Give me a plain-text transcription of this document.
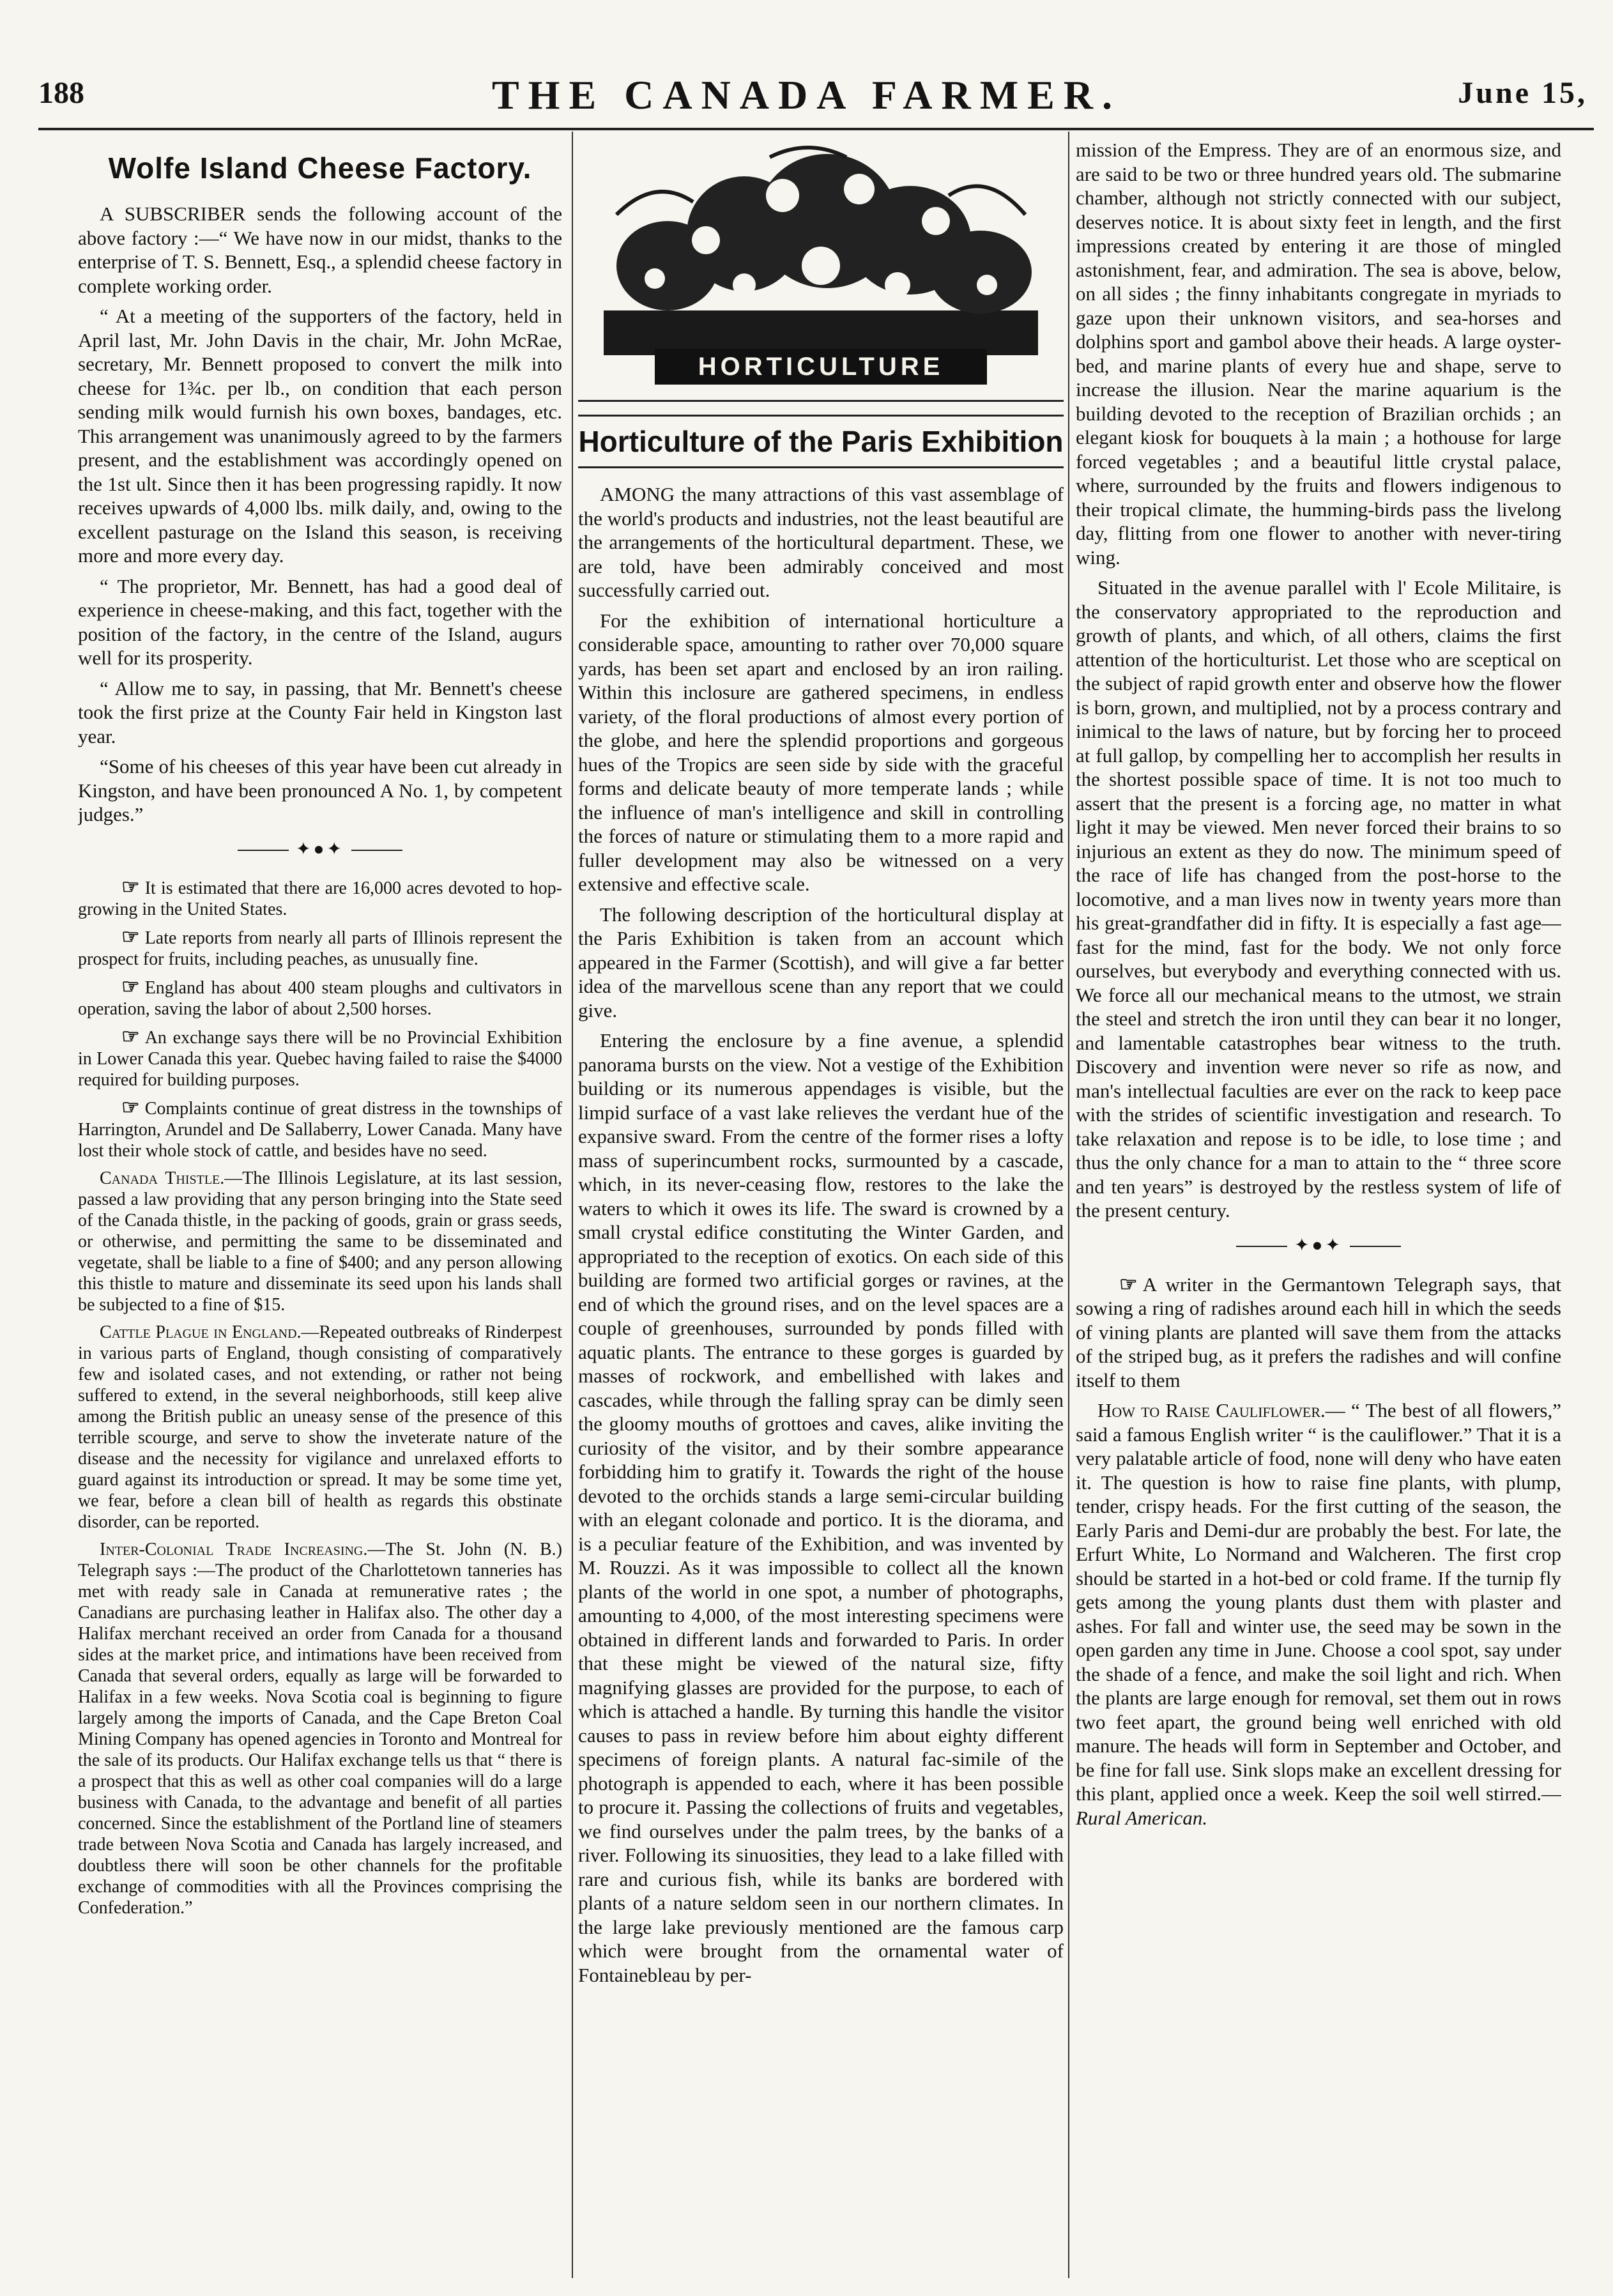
188	THE CANADA FARMER.	June 15,
Wolfe Island Cheese Factory.

A SUBSCRIBER sends the following account of the above factory :—“ We have now in our midst, thanks to the enterprise of T. S. Bennett, Esq., a splendid cheese factory in complete working order.

“ At a meeting of the supporters of the factory, held in April last, Mr. John Davis in the chair, Mr. John McRae, secretary, Mr. Bennett proposed to convert the milk into cheese for 1¾c. per lb., on condition that each person sending milk would furnish his own boxes, bandages, etc. This arrangement was unanimously agreed to by the farmers present, and the establishment was accordingly opened on the 1st ult. Since then it has been progressing rapidly. It now receives upwards of 4,000 lbs. milk daily, and, owing to the excellent pasturage on the Island this season, is receiving more and more every day.

“ The proprietor, Mr. Bennett, has had a good deal of experience in cheese-making, and this fact, together with the position of the factory, in the centre of the Island, augurs well for its prosperity.

“ Allow me to say, in passing, that Mr. Bennett's cheese took the first prize at the County Fair held in Kingston last year.

“Some of his cheeses of this year have been cut already in Kingston, and have been pronounced A No. 1, by competent judges.”

✦●✦

☞ It is estimated that there are 16,000 acres devoted to hop-growing in the United States.

☞ Late reports from nearly all parts of Illinois represent the prospect for fruits, including peaches, as unusually fine.

☞ England has about 400 steam ploughs and cultivators in operation, saving the labor of about 2,500 horses.

☞ An exchange says there will be no Provincial Exhibition in Lower Canada this year. Quebec having failed to raise the $4000 required for building purposes.

☞ Complaints continue of great distress in the townships of Harrington, Arundel and De Sallaberry, Lower Canada. Many have lost their whole stock of cattle, and besides have no seed.

Canada Thistle.—The Illinois Legislature, at its last session, passed a law providing that any person bringing into the State seed of the Canada thistle, in the packing of goods, grain or grass seeds, or otherwise, and permitting the same to be disseminated and vegetate, shall be liable to a fine of $400; and any person allowing this thistle to mature and disseminate its seed upon his lands shall be subjected to a fine of $15.

Cattle Plague in England.—Repeated outbreaks of Rinderpest in various parts of England, though consisting of comparatively few and isolated cases, and not extending, or rather not being suffered to extend, in the several neighborhoods, still keep alive among the British public an uneasy sense of the presence of this terrible scourge, and serve to show the inveterate nature of the disease and the necessity for vigilance and unrelaxed efforts to guard against its introduction or spread. It may be some time yet, we fear, before a clean bill of health as regards this obstinate disorder, can be reported.

Inter-Colonial Trade Increasing.—The St. John (N. B.) Telegraph says :—The product of the Charlottetown tanneries has met with ready sale in Canada at remunerative rates ; the Canadians are purchasing leather in Halifax also. The other day a Halifax merchant received an order from Canada for a thousand sides at the market price, and intimations have been received from Canada that several orders, equally as large will be forwarded to Halifax in a few weeks. Nova Scotia coal is beginning to figure largely among the imports of Canada, and the Cape Breton Coal Mining Company has opened agencies in Toronto and Montreal for the sale of its products. Our Halifax exchange tells us that “ there is a prospect that this as well as other coal companies will do a large business with Canada, to the advantage and benefit of all parties concerned. Since the establishment of the Portland line of steamers trade between Nova Scotia and Canada has largely increased, and doubtless there will soon be other channels for the profitable exchange of commodities with all the Provinces comprising the Confederation.”

HORTICULTURE
Horticulture of the Paris Exhibition

AMONG the many attractions of this vast assemblage of the world's products and industries, not the least beautiful are the arrangements of the horticultural department. These, we are told, have been admirably conceived and most successfully carried out.

For the exhibition of international horticulture a considerable space, amounting to rather over 70,000 square yards, has been set apart and enclosed by an iron railing. Within this inclosure are gathered specimens, in endless variety, of the floral productions of almost every portion of the globe, and here the splendid proportions and gorgeous hues of the Tropics are seen side by side with the graceful forms and delicate beauty of more temperate lands ; while the influence of man's intelligence and skill in controlling the forces of nature or stimulating them to a more rapid and fuller development may also be witnessed on a very extensive and effective scale.

The following description of the horticultural display at the Paris Exhibition is taken from an account which appeared in the Farmer (Scottish), and will give a far better idea of the marvellous scene than any report that we could give.

Entering the enclosure by a fine avenue, a splendid panorama bursts on the view. Not a vestige of the Exhibition building or its numerous appendages is visible, but the limpid surface of a vast lake relieves the verdant hue of the expansive sward. From the centre of the former rises a lofty mass of superincumbent rocks, surmounted by a cascade, which, in its never-ceasing flow, restores to the lake the waters to which it owes its life. The sward is crowned by a small crystal edifice constituting the Winter Garden, and appropriated to the reception of exotics. On each side of this building are formed two artificial gorges or ravines, at the end of which the ground rises, and on the level spaces are a couple of greenhouses, surrounded by ponds filled with aquatic plants. The entrance to these gorges is guarded by masses of rockwork, and embellished with lakes and cascades, while through the falling spray can be dimly seen the gloomy mouths of grottoes and caves, alike inviting the curiosity of the visitor, and by their sombre appearance forbidding him to gratify it. Towards the right of the house devoted to the orchids stands a large semi-circular building with an elegant colonade and portico. It is the diorama, and is a peculiar feature of the Exhibition, and was invented by M. Rouzzi. As it was impossible to collect all the known plants of the world in one spot, a number of photographs, amounting to 4,000, of the most interesting specimens were obtained in different lands and forwarded to Paris. In order that these might be viewed of the natural size, fifty magnifying glasses are provided for the purpose, to each of which is attached a handle. By turning this handle the visitor causes to pass in review before him about eighty different specimens of foreign plants. A natural fac-simile of the photograph is appended to each, where it has been possible to procure it. Passing the collections of fruits and vegetables, we find ourselves under the palm trees, by the banks of a river. Following its sinuosities, they lead to a lake filled with rare and curious fish, while its banks are bordered with plants of a nature seldom seen in our northern climates. In the large lake previously mentioned are the famous carp which were brought from the ornamental water of Fontainebleau by per-

mission of the Empress. They are of an enormous size, and are said to be two or three hundred years old. The submarine chamber, although not strictly connected with our subject, deserves notice. It is about sixty feet in length, and the first impressions created by entering it are those of mingled astonishment, fear, and admiration. The sea is above, below, on all sides ; the finny inhabitants congregate in myriads to gaze upon their unknown visitors, and sea-horses and dolphins sport and gambol above their heads. A large oyster-bed, and marine plants of every hue and shape, serve to increase the illusion. Near the marine aquarium is the building devoted to the reception of Brazilian orchids ; an elegant kiosk for bouquets à la main ; a hothouse for large forced vegetables ; and a beautiful little crystal palace, where, surrounded by the fruits and flowers indigenous to their tropical climate, the humming-birds pass the livelong day, flitting from one flower to another with never-tiring wing.

Situated in the avenue parallel with l' Ecole Militaire, is the conservatory appropriated to the reproduction and growth of plants, and which, of all others, claims the first attention of the horticulturist. Let those who are sceptical on the subject of rapid growth enter and observe how the flower is born, grown, and multiplied, not by a process contrary and inimical to the laws of nature, but by forcing her to proceed at full gallop, by compelling her to accomplish her results in the shortest possible space of time. It is not too much to assert that the present is a forcing age, no matter in what light it may be viewed. Men never forced their brains to so injurious an extent as they do now. The minimum speed of the race of life has changed from the post-horse to the locomotive, and a man lives now in twenty years more than his great-grandfather did in fifty. It is especially a fast age—fast for the mind, fast for the body. We not only force ourselves, but everybody and everything connected with us. We force all our mechanical means to the utmost, we strain the steel and stretch the iron until they can bear it no longer, and lamentable catastrophes bear witness to the truth. Discovery and invention were never so rife as now, and man's intellectual faculties are ever on the rack to keep pace with the strides of scientific investigation and research. To take relaxation and repose is to be idle, to lose time ; and thus the only chance for a man to attain to the “ three score and ten years” is destroyed by the restless system of life of the present century.

✦●✦

☞ A writer in the Germantown Telegraph says, that sowing a ring of radishes around each hill in which the seeds of vining plants are planted will save them from the attacks of the striped bug, as it prefers the radishes and will confine itself to them

How to Raise Cauliflower.— “ The best of all flowers,” said a famous English writer “ is the cauliflower.” That it is a very palatable article of food, none will deny who have eaten it. The question is how to raise fine plants, with plump, tender, crispy heads. For the first cutting of the season, the Early Paris and Demi-dur are probably the best. For late, the Erfurt White, Lo Normand and Walcheren. The first crop should be started in a hot-bed or cold frame. If the turnip fly gets among the young plants dust them with plaster and ashes. For fall and winter use, the seed may be sown in the open garden any time in June. Choose a cool spot, say under the shade of a fence, and make the soil light and rich. When the plants are large enough for removal, set them out in rows two feet apart, the ground being well enriched with old manure. The heads will form in September and October, and be fine for fall use. Sink slops make an excellent dressing for this plant, applied once a week. Keep the soil well stirred.— Rural American.
